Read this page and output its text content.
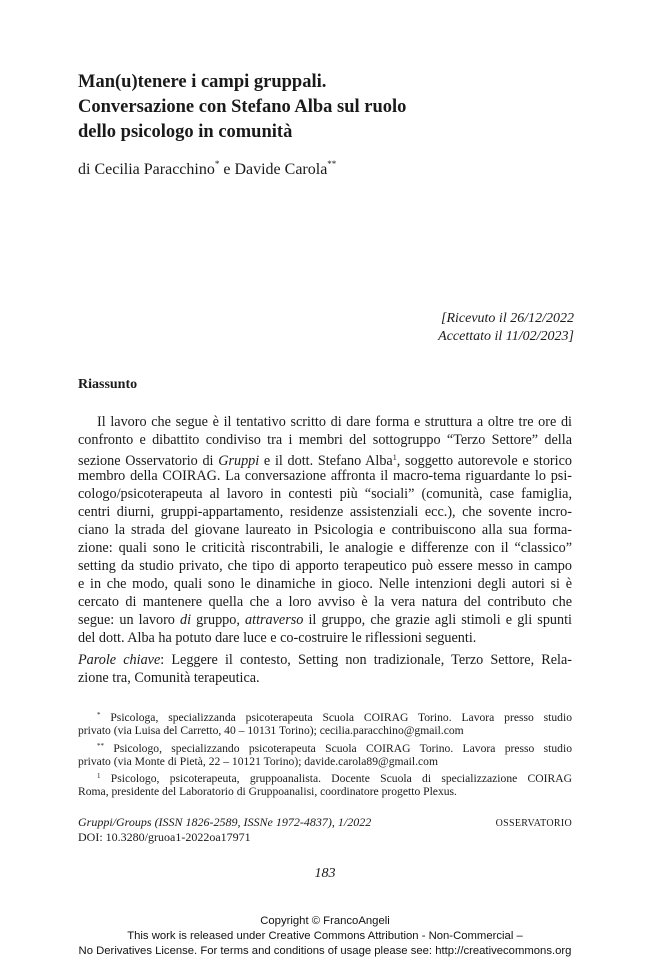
Man(u)tenere i campi gruppali.
Conversazione con Stefano Alba sul ruolo
dello psicologo in comunità
di Cecilia Paracchino* e Davide Carola**
[Ricevuto il 26/12/2022
Accettato il 11/02/2023]
Riassunto
Il lavoro che segue è il tentativo scritto di dare forma e struttura a oltre tre ore di
confronto e dibattito condiviso tra i membri del sottogruppo “Terzo Settore” della
sezione Osservatorio di Gruppi e il dott. Stefano Alba$^1$, soggetto autorevole e storico
membro della COIRAG. La conversazione affronta il macro-tema riguardante lo psi-
cologo/psicoterapeuta al lavoro in contesti più “sociali” (comunità, case famiglia,
centri diurni, gruppi-appartamento, residenze assistenziali ecc.), che sovente incro-
ciano la strada del giovane laureato in Psicologia e contribuiscono alla sua forma-
zione: quali sono le criticità riscontrabili, le analogie e differenze con il “classico”
setting da studio privato, che tipo di apporto terapeutico può essere messo in campo
e in che modo, quali sono le dinamiche in gioco. Nelle intenzioni degli autori si è
cercato di mantenere quella che a loro avviso è la vera natura del contributo che
segue: un lavoro di gruppo, attraverso il gruppo, che grazie agli stimoli e gli spunti
del dott. Alba ha potuto dare luce e co-costruire le riflessioni seguenti.
Parole chiave: Leggere il contesto, Setting non tradizionale, Terzo Settore, Rela-
zione tra, Comunità terapeutica.
* Psicologa, specializzanda psicoterapeuta Scuola COIRAG Torino. Lavora presso studio
privato (via Luisa del Carretto, 40 – 10131 Torino); cecilia.paracchino@gmail.com
** Psicologo, specializzando psicoterapeuta Scuola COIRAG Torino. Lavora presso studio
privato (via Monte di Pietà, 22 – 10121 Torino); davide.carola89@gmail.com
$^1$ Psicologo, psicoterapeuta, gruppoanalista. Docente Scuola di specializzazione COIRAG
Roma, presidente del Laboratorio di Gruppoanalisi, coordinatore progetto Plexus.
Gruppi/Groups (ISSN 1826-2589, ISSNe 1972-4837), 1/2022
DOI: 10.3280/gruoa1-2022oa17971
OSSERVATORIO
183
Copyright © FrancoAngeli
This work is released under Creative Commons Attribution - Non-Commercial –
No Derivatives License. For terms and conditions of usage please see: http://creativecommons.org
